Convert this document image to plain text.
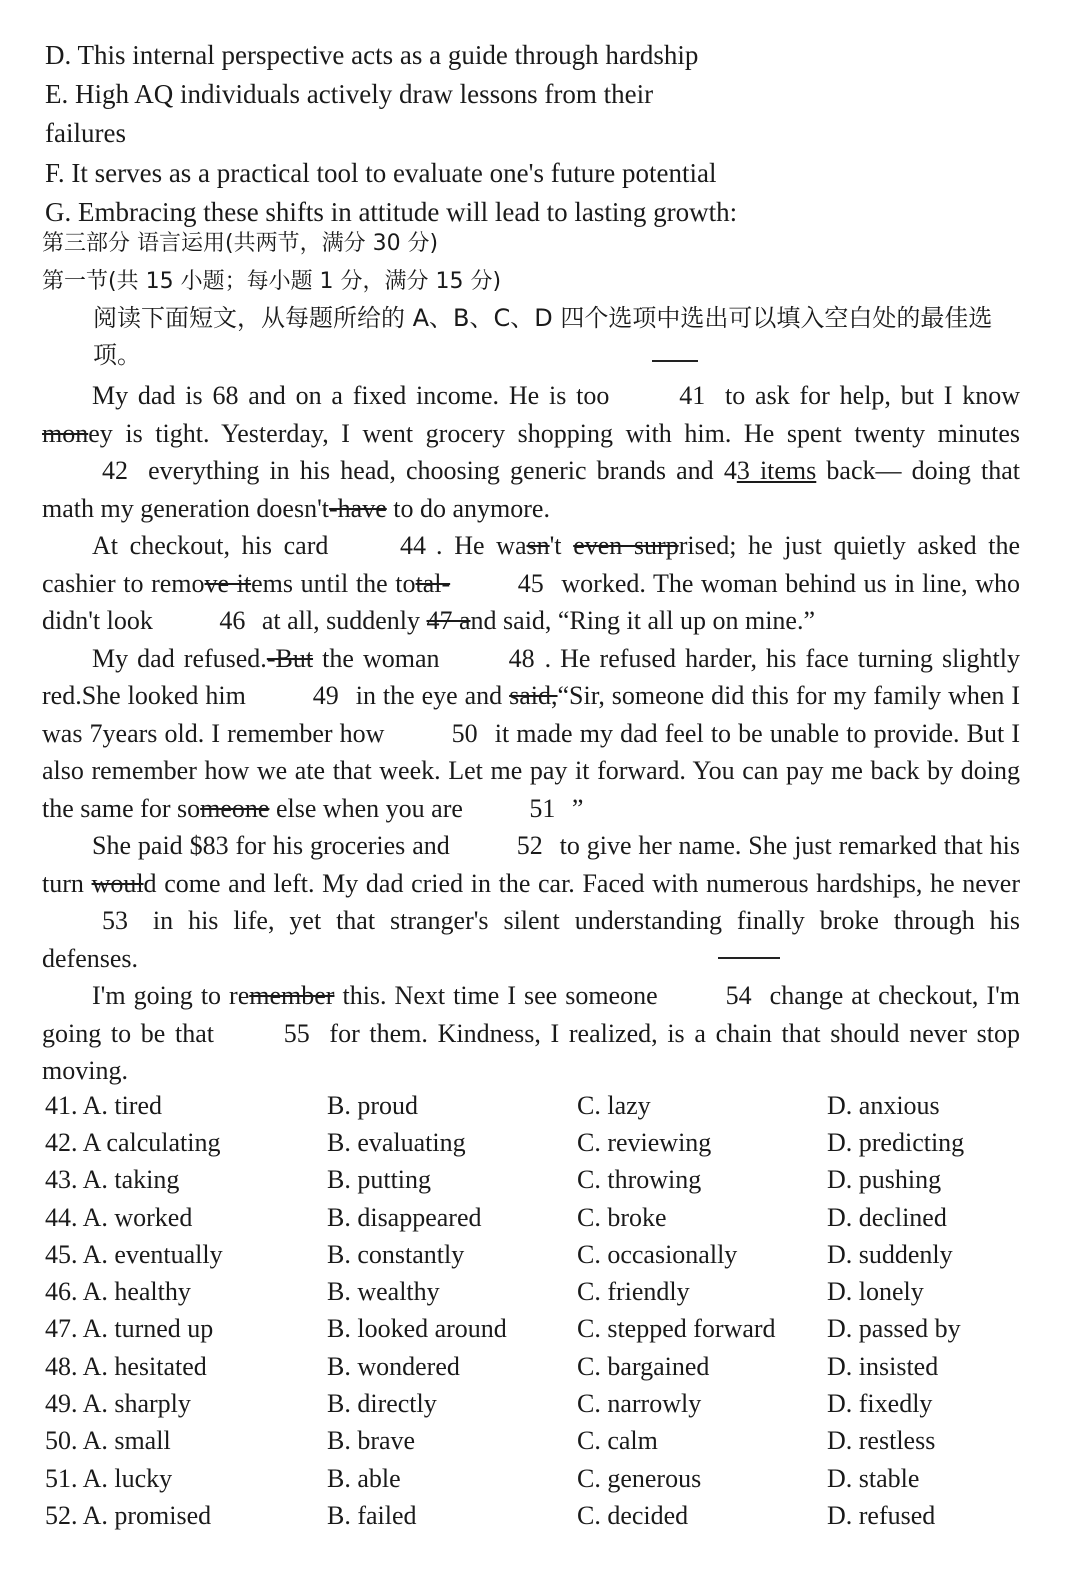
D. This internal perspective acts as a guide through hardship
E. High AQ individuals actively draw lessons from their
failures
F. It serves as a practical tool to evaluate one's future potential
G. Embracing these shifts in attitude will lead to lasting growth:
第三部分 语言运用(共两节，满分 30 分)
第一节(共 15 小题；每小题 1 分，满分 15 分)
阅读下面短文，从每题所给的 A、B、C、D 四个选项中选出可以填入空白处的最佳选项。

My dad is 68 and on a fixed income. He is too	41 to ask for help, but I know money is tight. Yesterday, I went grocery shopping with him. He spent twenty minutes 42 everything in his head, choosing generic brands and 43 items back— doing that math my generation doesn't-have to do anymore.

At checkout, his card	44 . He wasn't even surprised; he just quietly asked the cashier to remove items until the total-	45 worked. The woman behind us in line, who didn't look	46 at all, suddenly 47 and said, “Ring it all up on mine.”

My dad refused.-But the woman	48 . He refused harder, his face turning slightly red.She looked him	49 in the eye and said,“Sir, someone did this for my family when I was 7years old. I remember how	50 it made my dad feel to be unable to provide. But I also remember how we ate that week. Let me pay it forward. You can pay me back by doing the same for someone else when you are	51 ”

She paid $83 for his groceries and	52 to give her name. She just remarked that his turn would come and left. My dad cried in the car. Faced with numerous hardships, he never 53 in his life, yet that stranger's silent understanding finally broke through his defenses.

I'm going to remember this. Next time I see someone	54 change at checkout, I'm going to be that	55 for them. Kindness, I realized, is a chain that should never stop moving.

41. A. tired	B. proud	C. lazy	D. anxious
42. A calculating	B. evaluating	C. reviewing	D. predicting
43. A. taking	B. putting	C. throwing	D. pushing
44. A. worked	B. disappeared	C. broke	D. declined
45. A. eventually	B. constantly	C. occasionally	D. suddenly
46. A. healthy	B. wealthy	C. friendly	D. lonely
47. A. turned up	B. looked around	C. stepped forward	D. passed by
48. A. hesitated	B. wondered	C. bargained	D. insisted
49. A. sharply	B. directly	C. narrowly	D. fixedly
50. A. small	B. brave	C. calm	D. restless
51. A. lucky	B. able	C. generous	D. stable
52. A. promised	B. failed	C. decided	D. refused
